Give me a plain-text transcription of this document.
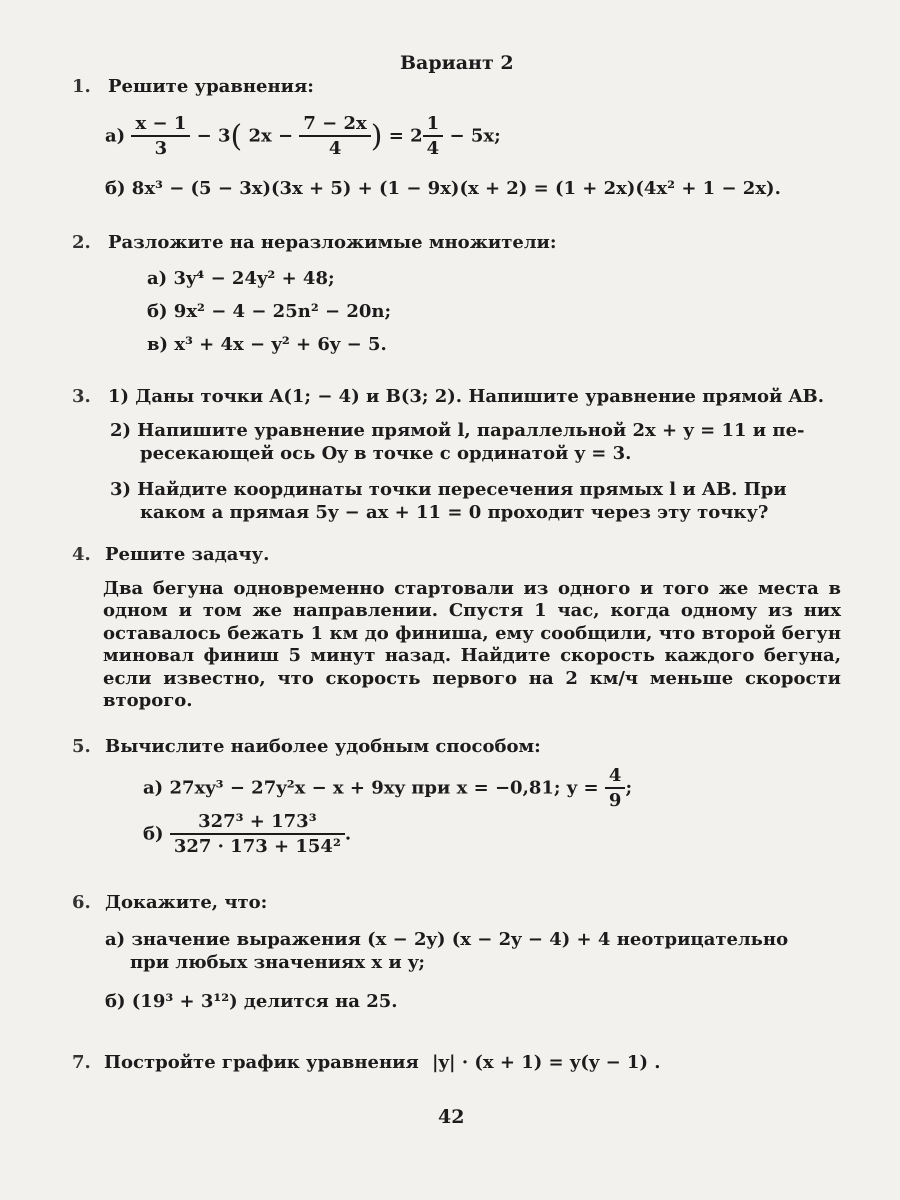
Вариант 2
1. Решите уравнения:
$а) \frac{x - 1}{3} - 3$( $2x - \frac{7 - 2x}{4}$ ) = $2 \frac{1}{4} - 5x$;
б) 8x³ − (5 − 3x)(3x + 5) + (1 − 9x)(x + 2) = (1 + 2x)(4x² + 1 − 2x).
2. Разложите на неразложимые множители:
а) 3y⁴ − 24y² + 48;
б) 9x² − 4 − 25n² − 20n;
в) x³ + 4x − y² + 6y − 5.
3. 1) Даны точки A(1; − 4) и B(3; 2). Напишите уравнение прямой AB.
2) Напишите уравнение прямой l, параллельной 2x + y = 11 и пе-
ресекающей ось Oy в точке с ординатой y = 3.
3) Найдите координаты точки пересечения прямых l и AB. При
каком a прямая 5y − ax + 11 = 0 проходит через эту точку?
4. Решите задачу.
Два бегуна одновременно стартовали из одного и того же места в одном и том же направлении. Спустя 1 час, когда одному из них оставалось бежать 1 км до финиша, ему сообщили, что второй бегун миновал финиш 5 минут назад. Найдите скорость каждого бегуна, если известно, что скорость первого на 2 км/ч меньше скорости второго.
5. Вычислите наиболее удобным способом:
а) 27xy³ − 27y²x − x + 9xy при x = −0,81; $y = \frac{4}{9}$ ;
$б) \frac{\text{327³ + 173³}}{\text{327 · 173 + 154²}}$ .
6. Докажите, что:
а) значение выражения (x − 2y) (x − 2y − 4) + 4 неотрицательно
при любых значениях x и y;
б) (19³ + 3¹²) делится на 25.
7. Постройте график уравнения |y| · (x + 1) = y(y − 1) .
42
